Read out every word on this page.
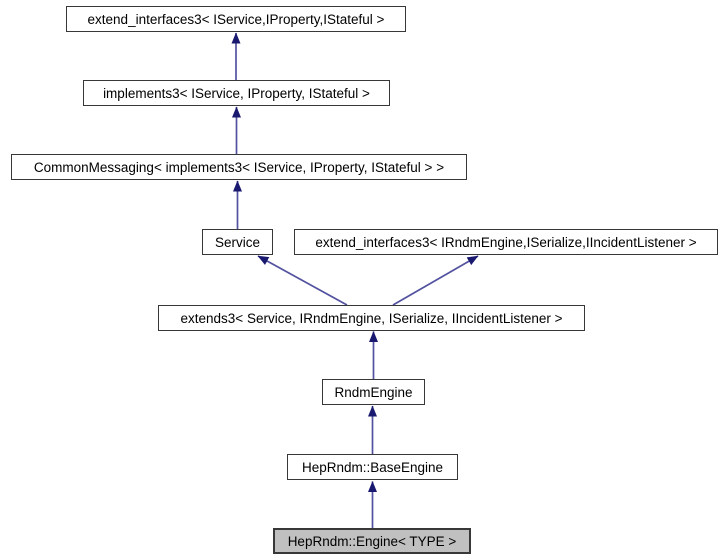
extend_interfaces3< IService,IProperty,IStateful >
implements3< IService, IProperty, IStateful >
CommonMessaging< implements3< IService, IProperty, IStateful > >
Service	extend_interfaces3< IRndmEngine,ISerialize,IIncidentListener >
extends3< Service, IRndmEngine, ISerialize, IIncidentListener >
RndmEngine
HepRndm::BaseEngine
HepRndm::Engine< TYPE >
